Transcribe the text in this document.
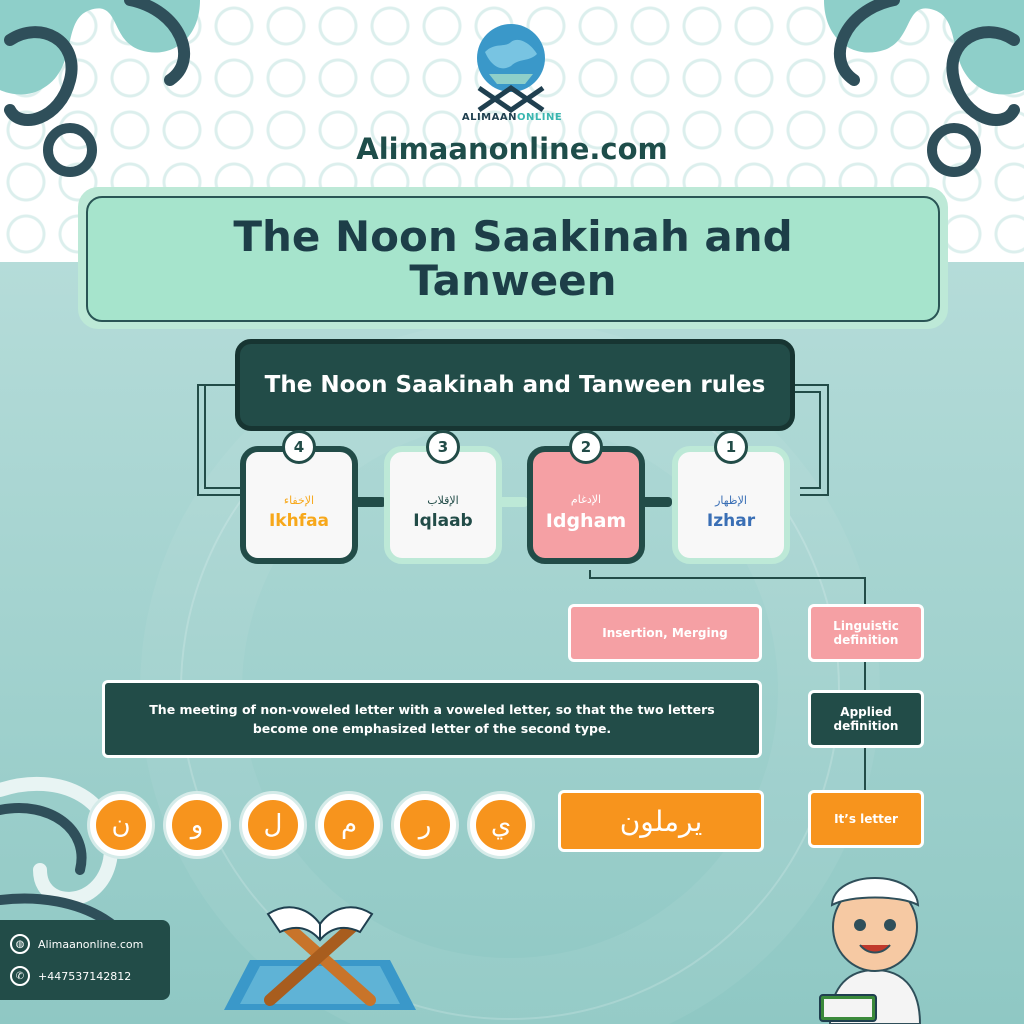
ALIMAANONLINE
Alimaanonline.com
The Noon Saakinah and Tanween
The Noon Saakinah and Tanween rules
4
الإخفاء
Ikhfaa
3
الإقلاب
Iqlaab
2
الإدغام
Idgham
1
الإظهار
Izhar
Insertion, Merging	Linguistic definition
The meeting of non-voweled letter with a voweled letter, so that the two letters become one emphasized letter of the second type.
Applied definition
يرملون	It’s letter
ن	و	ل	م	ر	ي
◍	Alimaanonline.com
✆	+447537142812
